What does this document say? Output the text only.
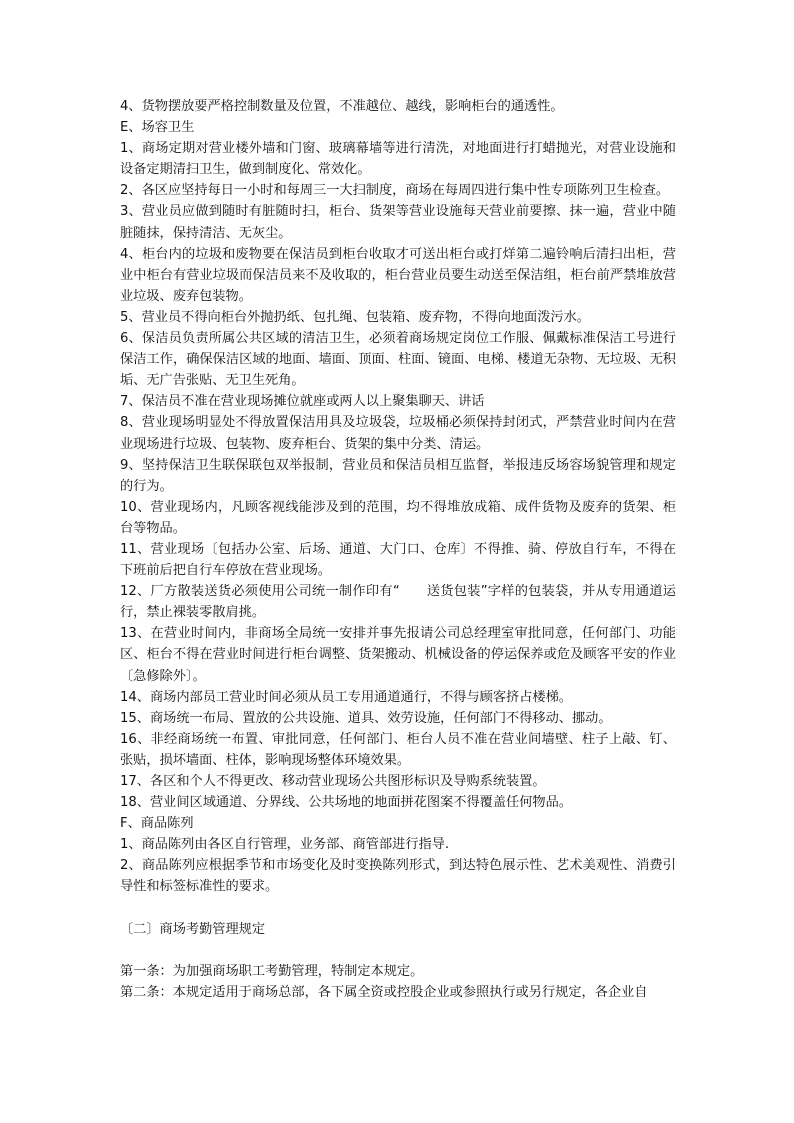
4、货物摆放要严格控制数量及位置，不准越位、越线，影响柜台的通透性。

E、场容卫生

1、商场定期对营业楼外墙和门窗、玻璃幕墙等进行清洗，对地面进行打蜡抛光，对营业设施和设备定期清扫卫生，做到制度化、常效化。

2、各区应坚持每日一小时和每周三一大扫制度，商场在每周四进行集中性专项陈列卫生检查。

3、营业员应做到随时有脏随时扫，柜台、货架等营业设施每天营业前要擦、抹一遍，营业中随脏随抹，保持清洁、无灰尘。

4、柜台内的垃圾和废物要在保洁员到柜台收取才可送出柜台或打烊第二遍铃响后清扫出柜，营业中柜台有营业垃圾而保洁员来不及收取的，柜台营业员要生动送至保洁组，柜台前严禁堆放营业垃圾、废弃包装物。

5、营业员不得向柜台外抛扔纸、包扎绳、包装箱、废弃物，不得向地面泼污水。

6、保洁员负责所属公共区域的清洁卫生，必须着商场规定岗位工作服、佩戴标准保洁工号进行保洁工作，确保保洁区域的地面、墙面、顶面、柱面、镜面、电梯、楼道无杂物、无垃圾、无积垢、无广告张贴、无卫生死角。

7、保洁员不准在营业现场摊位就座或两人以上聚集聊天、讲话

8、营业现场明显处不得放置保洁用具及垃圾袋，垃圾桶必须保持封闭式，严禁营业时间内在营业现场进行垃圾、包装物、废弃柜台、货架的集中分类、清运。

9、坚持保洁卫生联保联包双举报制，营业员和保洁员相互监督，举报违反场容场貌管理和规定的行为。

10、营业现场内，凡顾客视线能涉及到的范围，均不得堆放成箱、成件货物及废弃的货架、柜台等物品。

11、营业现场〔包括办公室、后场、通道、大门口、仓库〕不得推、骑、停放自行车，不得在下班前后把自行车停放在营业现场。

12、厂方散装送货必须使用公司统一制作印有“　　送货包装”字样的包装袋，并从专用通道运行，禁止裸装零散肩挑。

13、在营业时间内，非商场全局统一安排并事先报请公司总经理室审批同意，任何部门、功能区、柜台不得在营业时间进行柜台调整、货架搬动、机械设备的停运保养或危及顾客平安的作业〔急修除外〕。

14、商场内部员工营业时间必须从员工专用通道通行，不得与顾客挤占楼梯。

15、商场统一布局、置放的公共设施、道具、效劳设施，任何部门不得移动、挪动。

16、非经商场统一布置、审批同意，任何部门、柜台人员不准在营业间墙壁、柱子上敲、钉、张贴，损坏墙面、柱体，影响现场整体环境效果。

17、各区和个人不得更改、移动营业现场公共图形标识及导购系统装置。

18、营业间区域通道、分界线、公共场地的地面拼花图案不得覆盖任何物品。

F、商品陈列

1、商品陈列由各区自行管理，业务部、商管部进行指导.

2、商品陈列应根据季节和市场变化及时变换陈列形式，到达特色展示性、艺术美观性、消费引导性和标签标准性的要求。

〔二〕商场考勤管理规定

第一条：为加强商场职工考勤管理，特制定本规定。

第二条：本规定适用于商场总部，各下属全资或控股企业或参照执行或另行规定，各企业自
